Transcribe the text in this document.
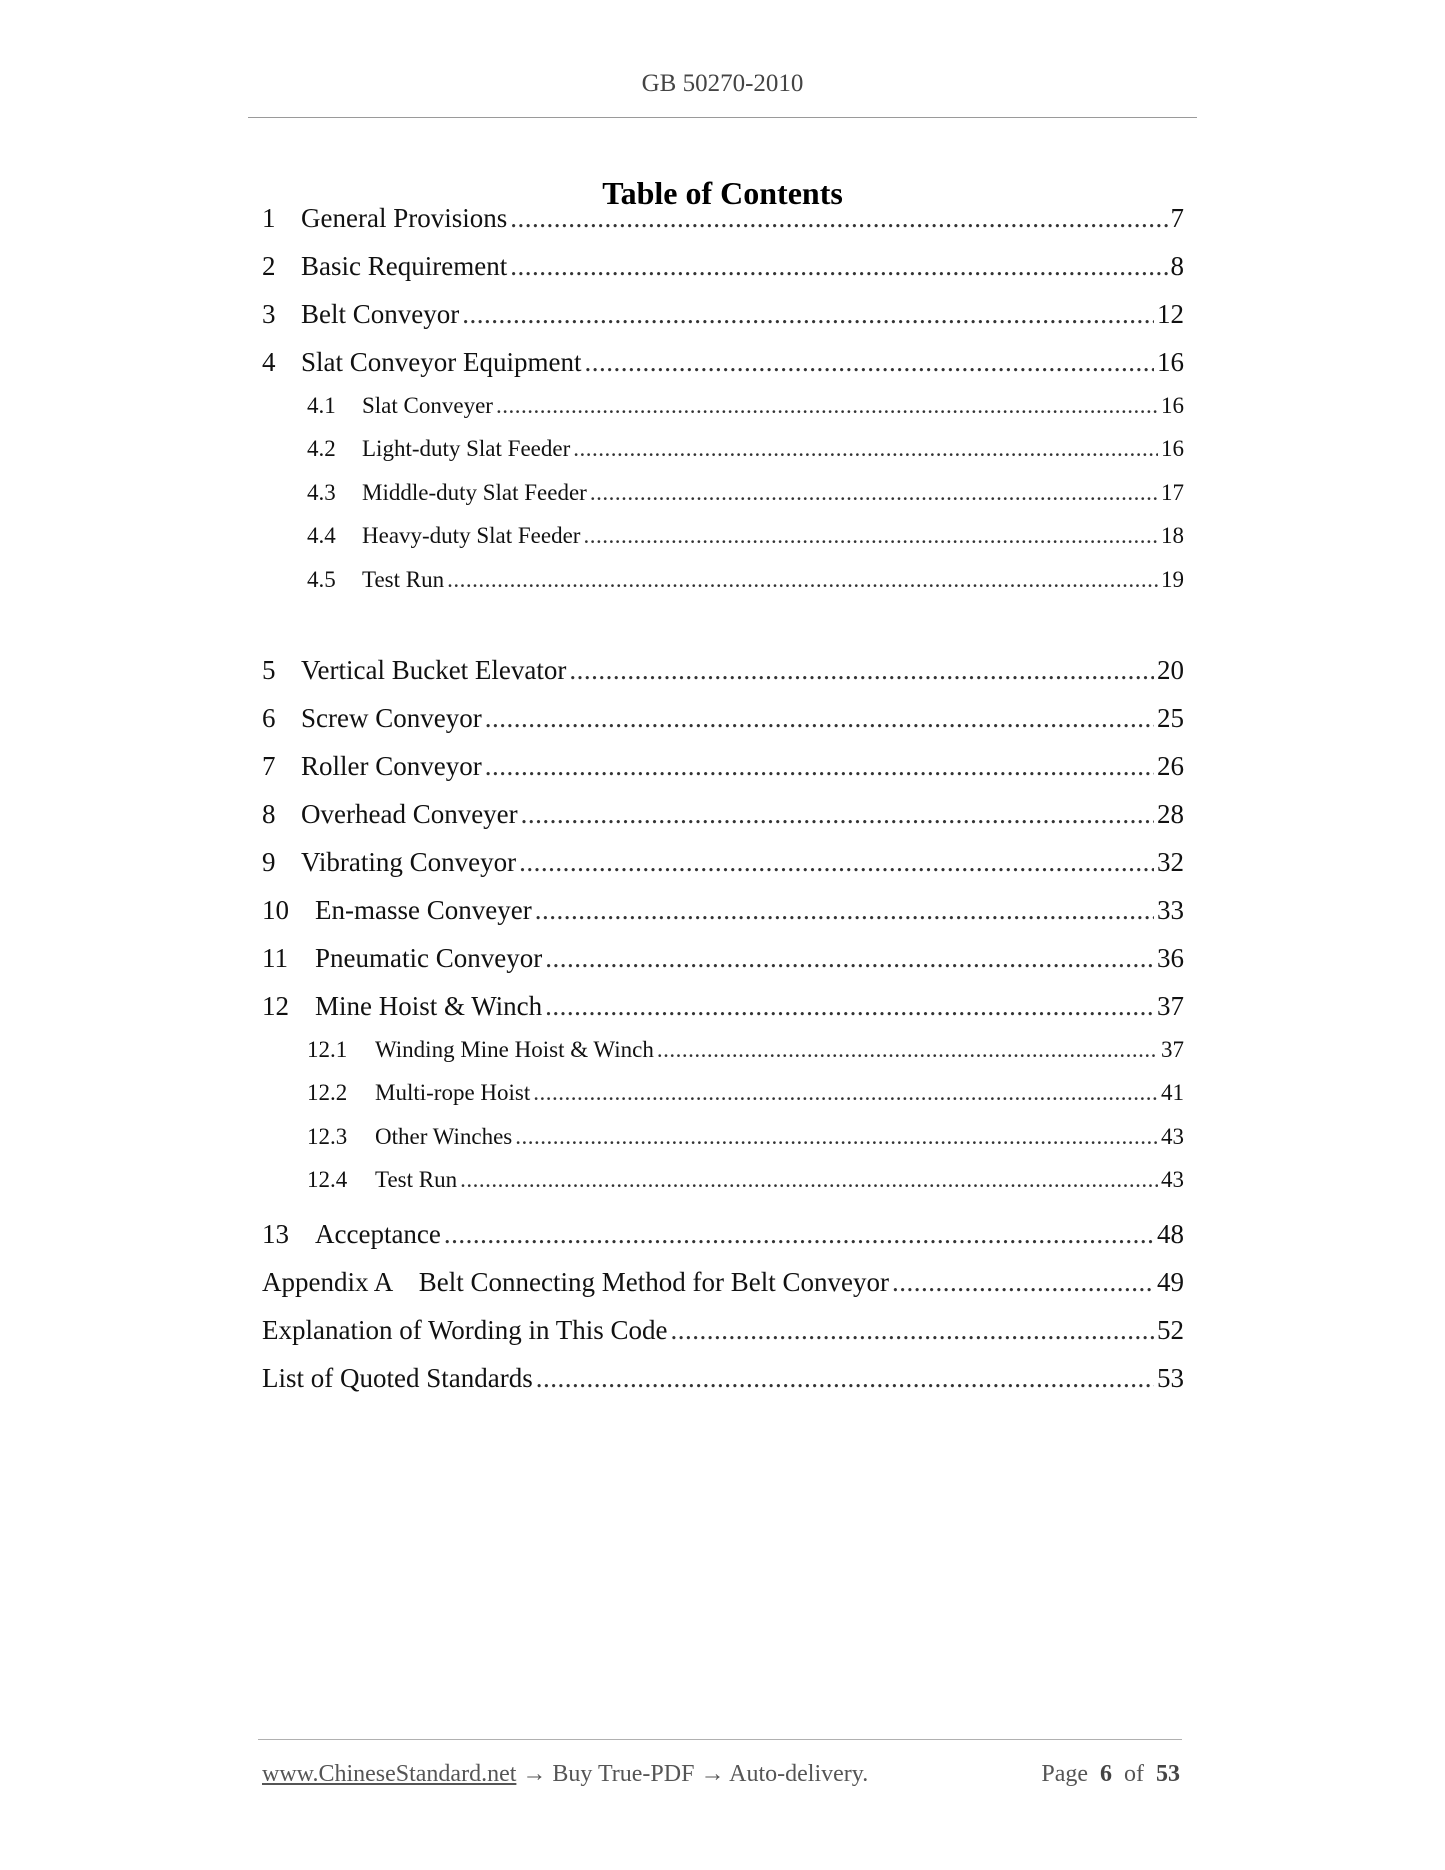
GB 50270-2010
Table of Contents
1 General Provisions .....	7
2 Basic Requirement .....	8
3 Belt Conveyor .....	12
4 Slat Conveyor Equipment .....	16
4.1	Slat Conveyer .....	16
4.2	Light-duty Slat Feeder .....	16
4.3	Middle-duty Slat Feeder .....	17
4.4	Heavy-duty Slat Feeder .....	18
4.5	Test Run .....	19
5 Vertical Bucket Elevator .....	20
6 Screw Conveyor .....	25
7 Roller Conveyor .....	26
8 Overhead Conveyer .....	28
9 Vibrating Conveyor .....	32
10 En-masse Conveyer .....	33
11	Pneumatic Conveyor .....	36
12 Mine Hoist & Winch .....	37
12.1	Winding Mine Hoist & Winch .....	37
12.2	Multi-rope Hoist .....	41
12.3	Other Winches .....	43
12.4	Test Run .....	43
13 Acceptance .....	48
Appendix A    Belt Connecting Method for Belt Conveyor .....	49
Explanation of Wording in This Code .....	52
List of Quoted Standards .....	53
www.ChineseStandard.net → Buy True-PDF → Auto-delivery.	Page 6 of 53
